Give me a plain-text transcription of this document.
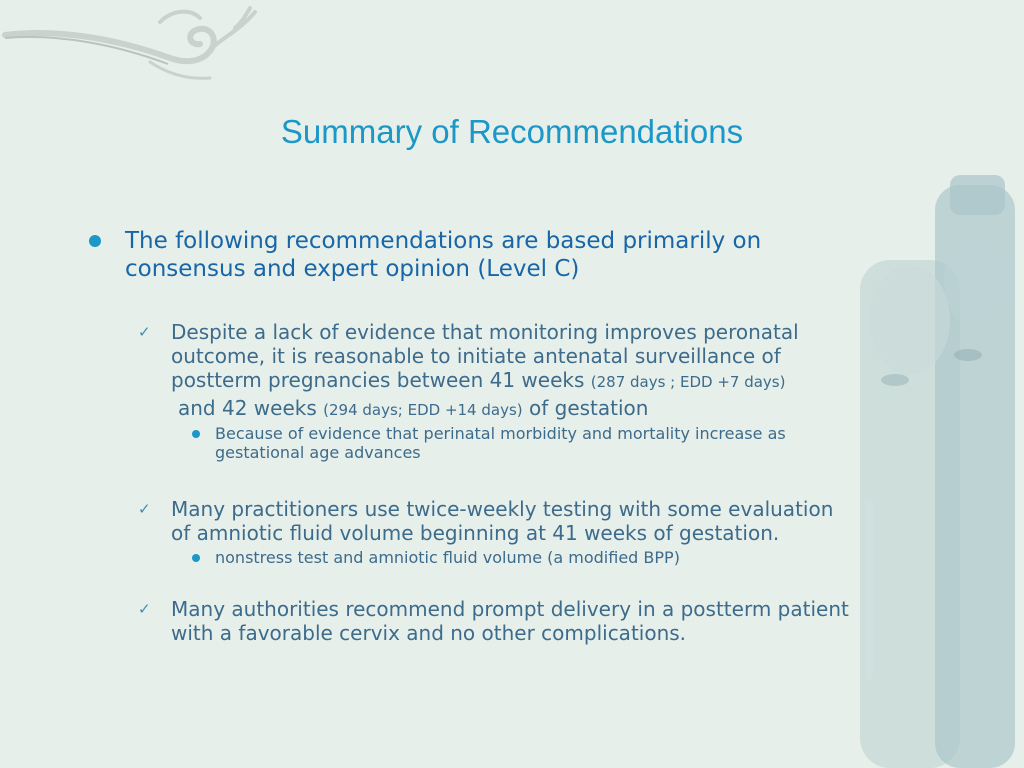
Summary of Recommendations
The following recommendations are based primarily on
consensus and expert opinion (Level C)
✓ Despite a lack of evidence that monitoring improves peronatal
outcome, it is reasonable to initiate antenatal surveillance of
postterm pregnancies between 41 weeks (287 days ; EDD +7 days)
and 42 weeks (294 days; EDD +14 days) of gestation
Because of evidence that perinatal morbidity and mortality increase as
gestational age advances
✓ Many practitioners use twice-weekly testing with some evaluation
of amniotic fluid volume beginning at 41 weeks of gestation.
nonstress test and amniotic fluid volume (a modified BPP)
✓ Many authorities recommend prompt delivery in a postterm patient
with a favorable cervix and no other complications.
